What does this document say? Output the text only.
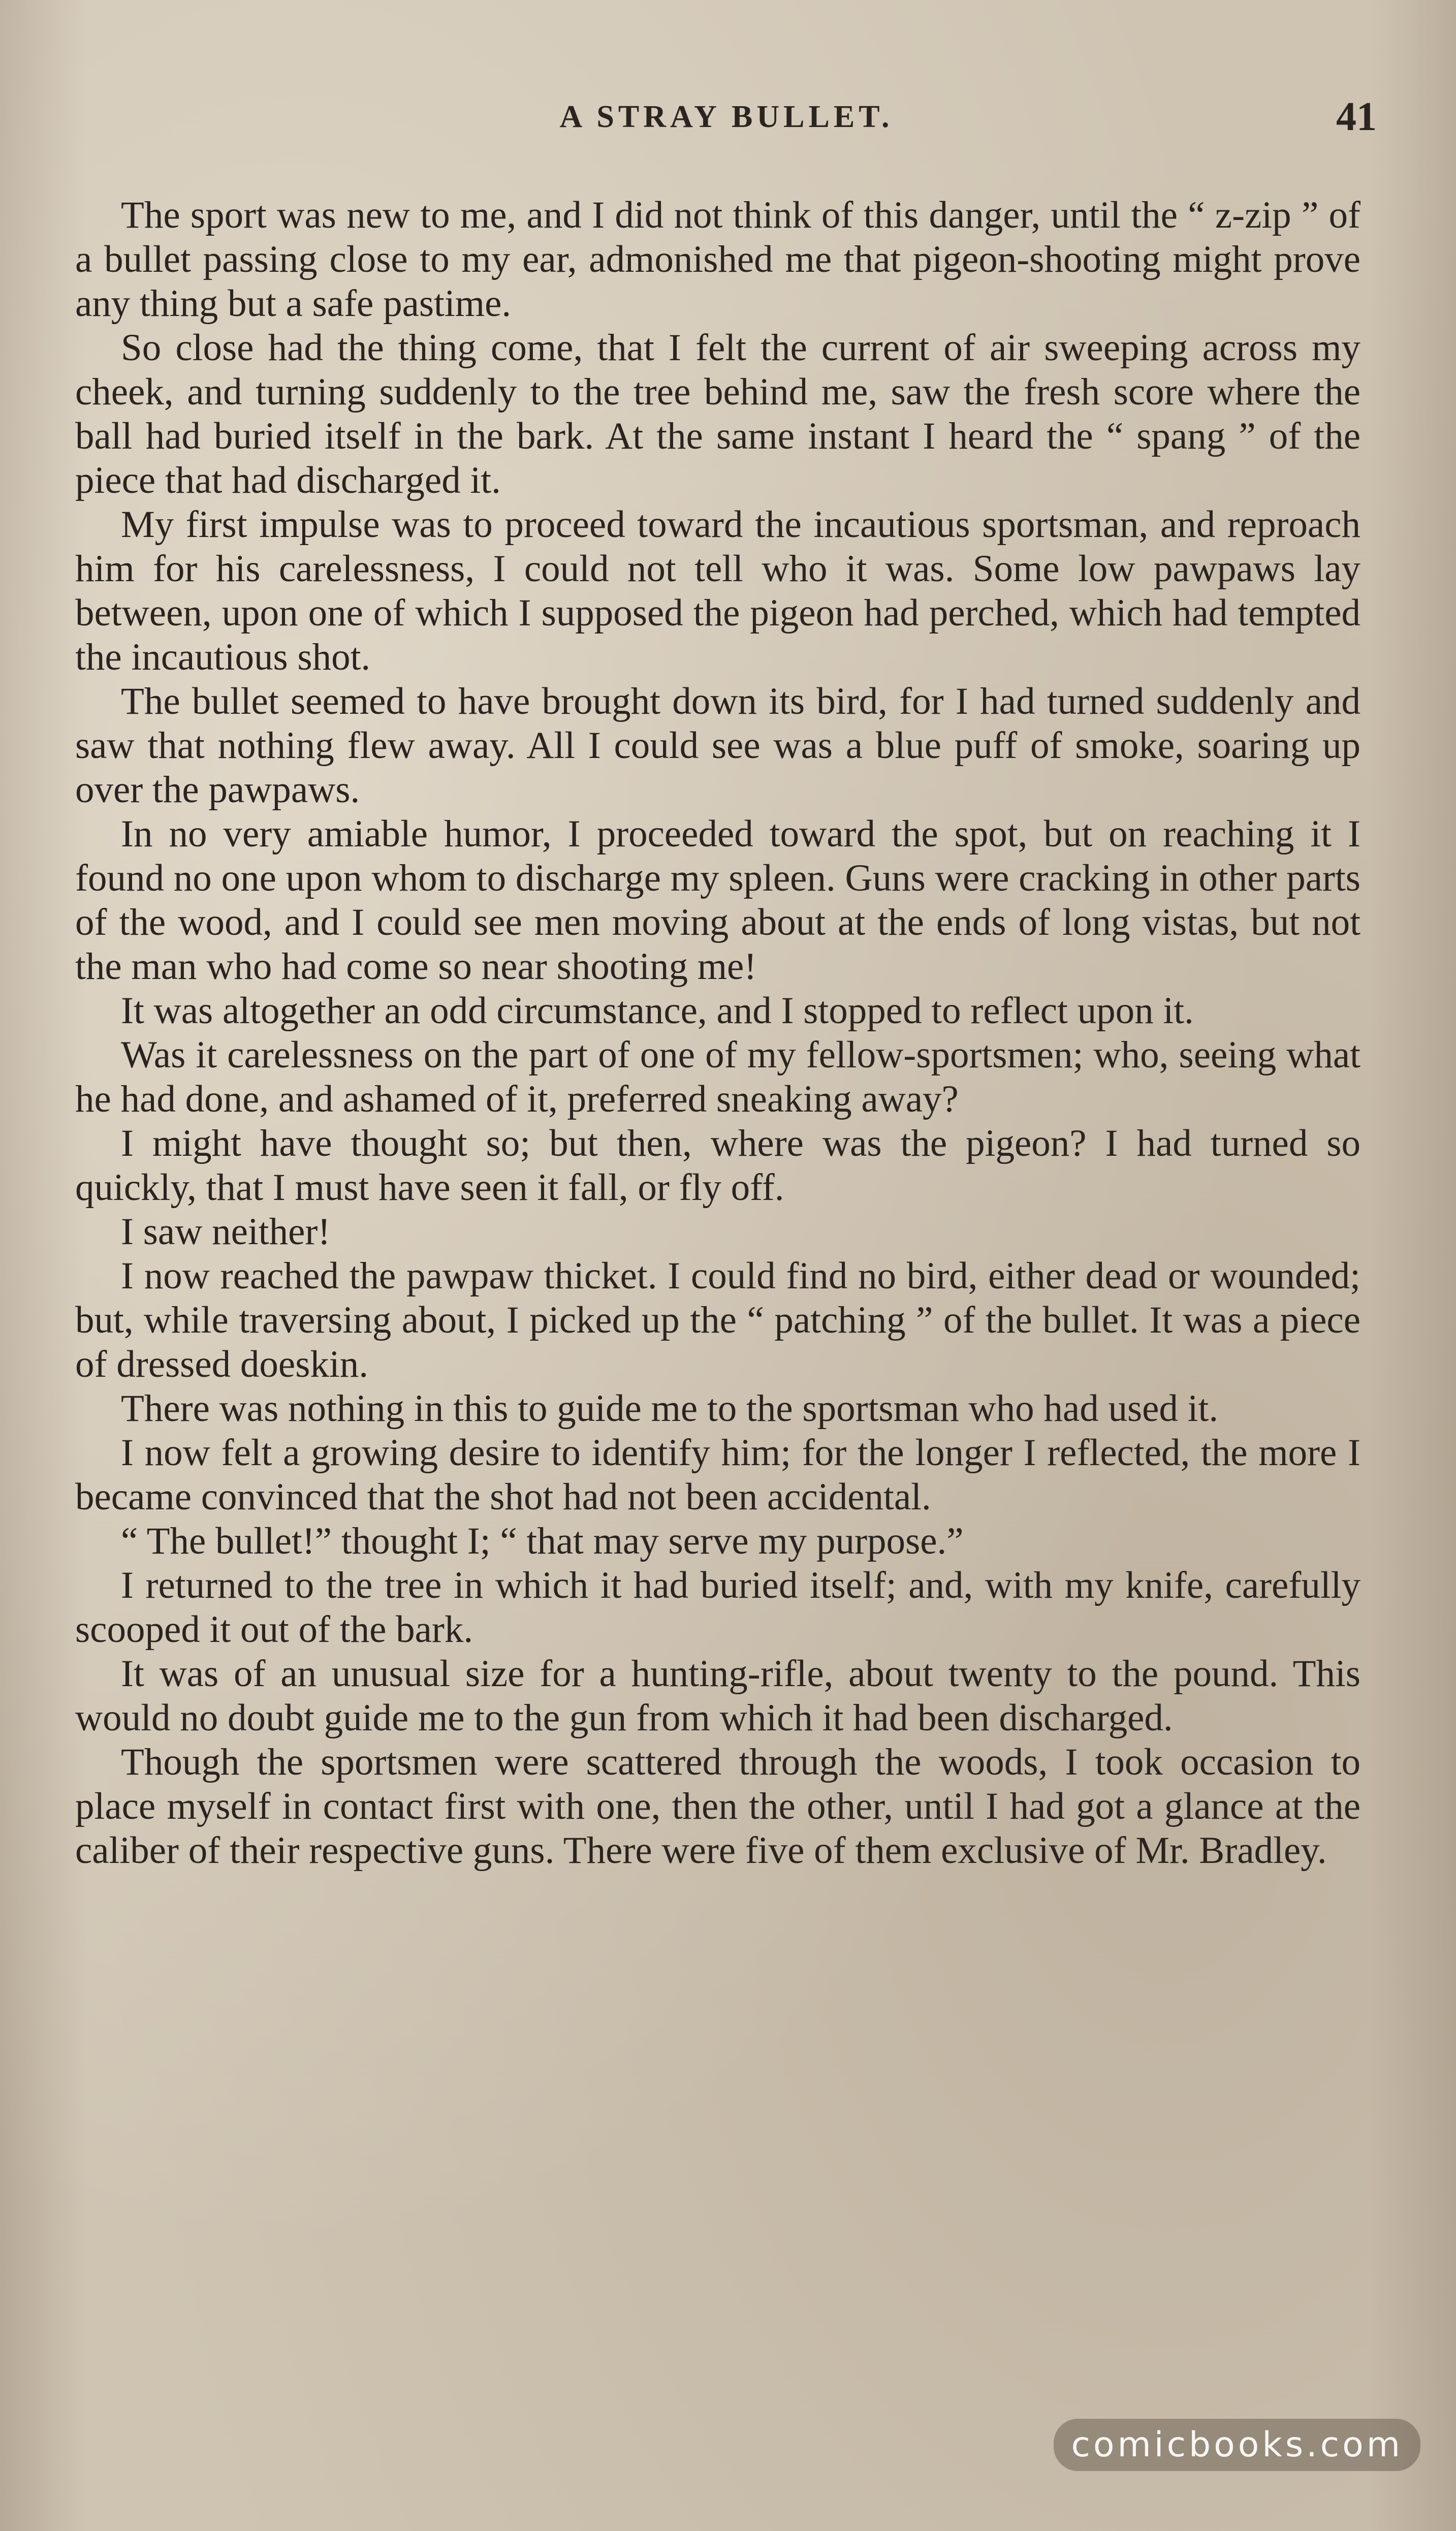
A STRAY BULLET.	41

The sport was new to me, and I did not think of this danger, until the “ z-zip ” of a bullet passing close to my ear, admonished me that pigeon-shooting might prove any thing but a safe pastime.

So close had the thing come, that I felt the current of air sweeping across my cheek, and turning suddenly to the tree behind me, saw the fresh score where the ball had buried itself in the bark. At the same instant I heard the “ spang ” of the piece that had discharged it.

My first impulse was to proceed toward the incautious sportsman, and reproach him for his carelessness, I could not tell who it was. Some low pawpaws lay between, upon one of which I supposed the pigeon had perched, which had tempted the incautious shot.

The bullet seemed to have brought down its bird, for I had turned suddenly and saw that nothing flew away. All I could see was a blue puff of smoke, soaring up over the pawpaws.

In no very amiable humor, I proceeded toward the spot, but on reaching it I found no one upon whom to discharge my spleen. Guns were cracking in other parts of the wood, and I could see men moving about at the ends of long vistas, but not the man who had come so near shooting me!

It was altogether an odd circumstance, and I stopped to reflect upon it.

Was it carelessness on the part of one of my fellow-sportsmen; who, seeing what he had done, and ashamed of it, preferred sneaking away?

I might have thought so; but then, where was the pigeon? I had turned so quickly, that I must have seen it fall, or fly off.

I saw neither!

I now reached the pawpaw thicket. I could find no bird, either dead or wounded; but, while traversing about, I picked up the “ patching ” of the bullet. It was a piece of dressed doeskin.

There was nothing in this to guide me to the sportsman who had used it.

I now felt a growing desire to identify him; for the longer I reflected, the more I became convinced that the shot had not been accidental.

“ The bullet!” thought I; “ that may serve my purpose.”

I returned to the tree in which it had buried itself; and, with my knife, carefully scooped it out of the bark.

It was of an unusual size for a hunting-rifle, about twenty to the pound. This would no doubt guide me to the gun from which it had been discharged.

Though the sportsmen were scattered through the woods, I took occasion to place myself in contact first with one, then the other, until I had got a glance at the caliber of their respective guns. There were five of them exclusive of Mr. Bradley.

comicbooks.com
